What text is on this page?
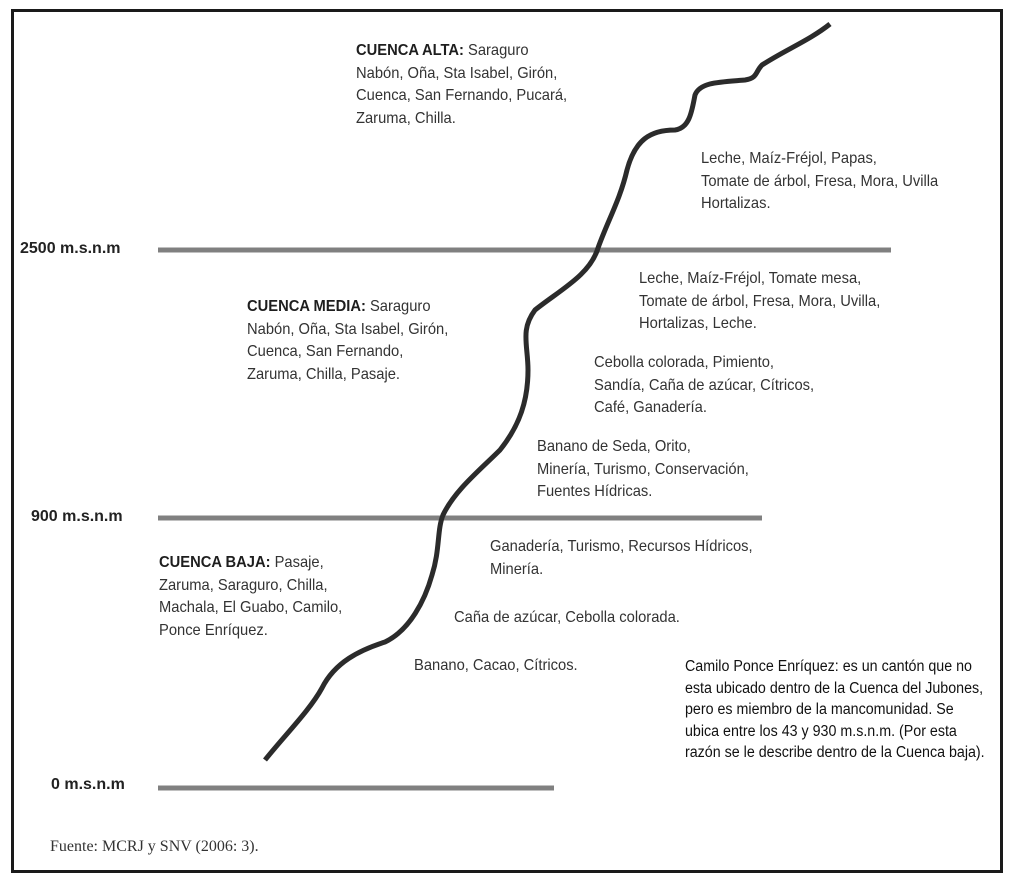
2500 m.s.n.m
900 m.s.n.m
0 m.s.n.m
CUENCA ALTA: Saraguro
Nabón, Oña, Sta Isabel, Girón,
Cuenca, San Fernando, Pucará,
Zaruma, Chilla.
CUENCA MEDIA: Saraguro
Nabón, Oña, Sta Isabel, Girón,
Cuenca, San Fernando,
Zaruma, Chilla, Pasaje.
CUENCA BAJA: Pasaje,
Zaruma, Saraguro, Chilla,
Machala, El Guabo, Camilo,
Ponce Enríquez.
Leche, Maíz-Fréjol, Papas,
Tomate de árbol, Fresa, Mora, Uvilla
Hortalizas.
Leche, Maíz-Fréjol, Tomate mesa,
Tomate de árbol, Fresa, Mora, Uvilla,
Hortalizas, Leche.
Cebolla colorada, Pimiento,
Sandía, Caña de azúcar, Cítricos,
Café, Ganadería.
Banano de Seda, Orito,
Minería, Turismo, Conservación,
Fuentes Hídricas.
Ganadería, Turismo, Recursos Hídricos,
Minería.
Caña de azúcar, Cebolla colorada.
Banano, Cacao, Cítricos.	Camilo Ponce Enríquez: es un cantón que no
esta ubicado dentro de la Cuenca del Jubones,
pero es miembro de la mancomunidad. Se
ubica entre los 43 y 930 m.s.n.m. (Por esta
razón se le describe dentro de la Cuenca baja).
Fuente: MCRJ y SNV (2006: 3).
